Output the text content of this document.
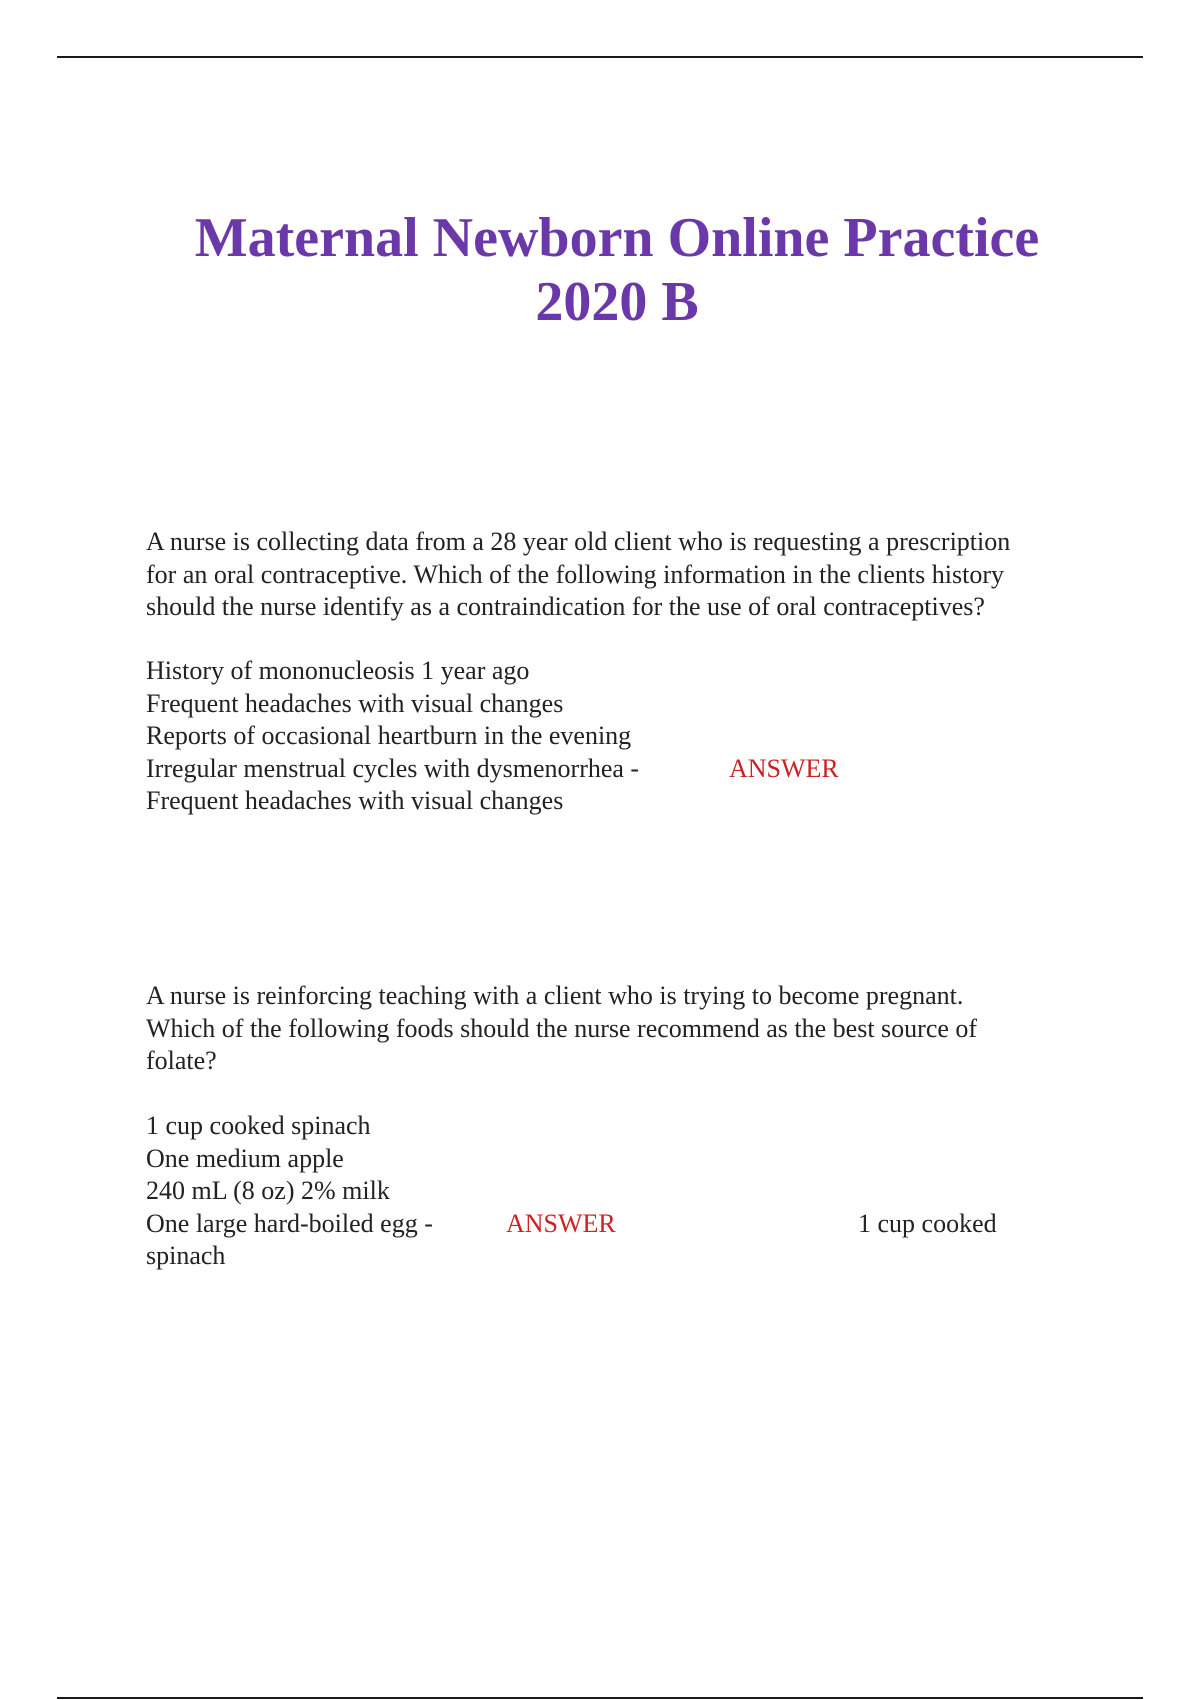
Maternal Newborn Online Practice
2020 B
A nurse is collecting data from a 28 year old client who is requesting a prescription
for an oral contraceptive. Which of the following information in the clients history
should the nurse identify as a contraindication for the use of oral contraceptives?
History of mononucleosis 1 year ago
Frequent headaches with visual changes
Reports of occasional heartburn in the evening
Irregular menstrual cycles with dysmenorrhea -	ANSWER
Frequent headaches with visual changes
A nurse is reinforcing teaching with a client who is trying to become pregnant.
Which of the following foods should the nurse recommend as the best source of
folate?
1 cup cooked spinach
One medium apple
240 mL (8 oz) 2% milk
One large hard-boiled egg -	ANSWER	1 cup cooked
spinach
